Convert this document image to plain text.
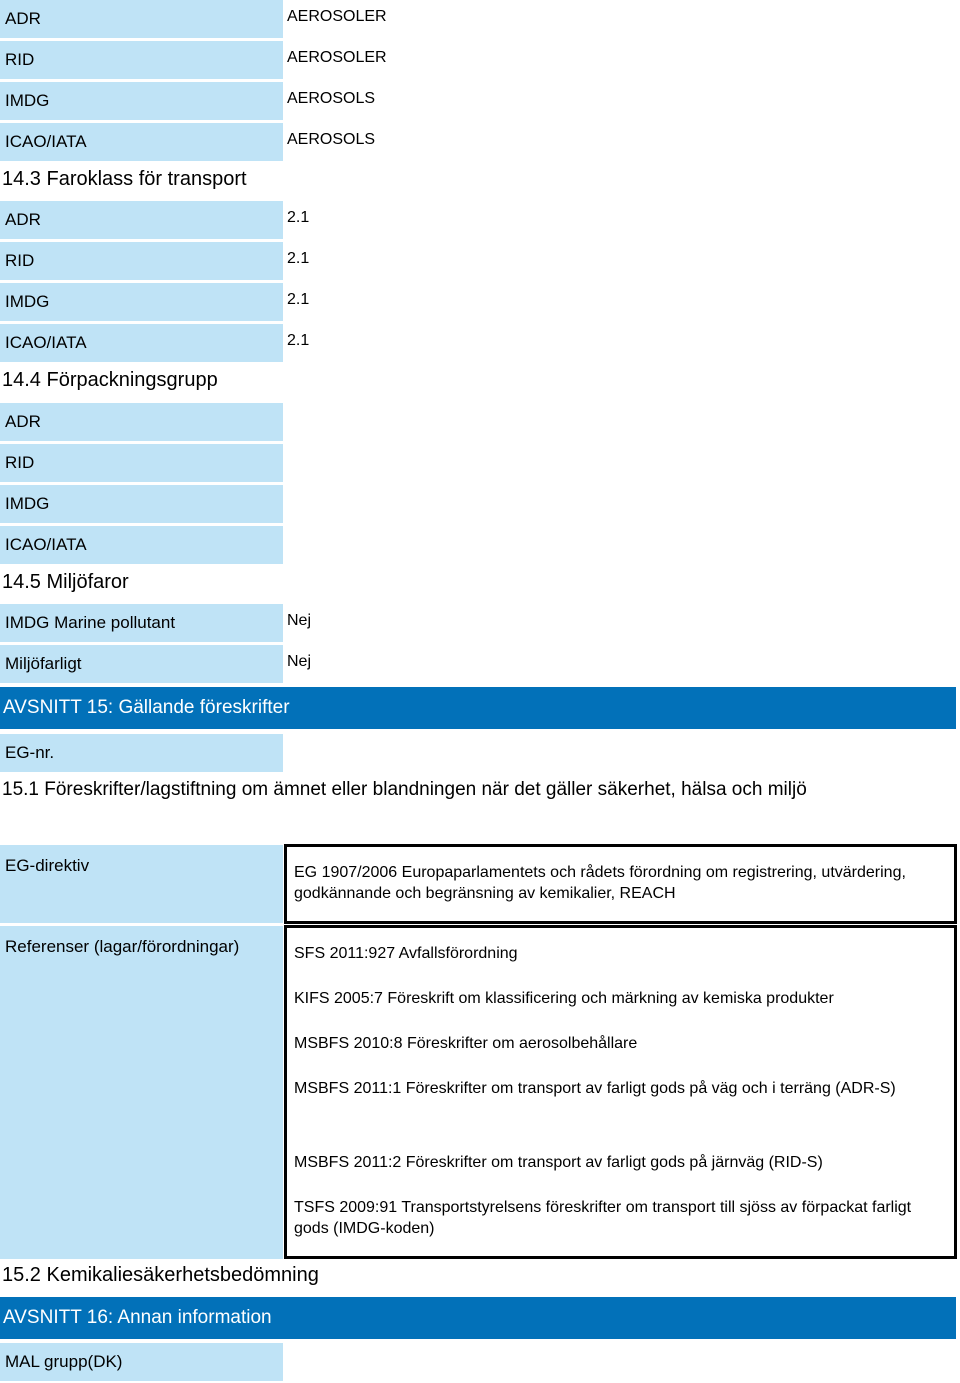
ADR	AEROSOLER
RID	AEROSOLER
IMDG	AEROSOLS
ICAO/IATA	AEROSOLS
14.3 Faroklass för transport
ADR	2.1
RID	2.1
IMDG	2.1
ICAO/IATA	2.1
14.4 Förpackningsgrupp
ADR
RID
IMDG
ICAO/IATA
14.5 Miljöfaror
IMDG Marine pollutant	Nej
Miljöfarligt	Nej
AVSNITT 15: Gällande föreskrifter
EG-nr.
15.1 Föreskrifter/lagstiftning om ämnet eller blandningen när det gäller säkerhet, hälsa och miljö
EG-direktiv	EG 1907/2006 Europaparlamentets och rådets förordning om registrering, utvärdering, godkännande och begränsning av kemikalier, REACH
Referenser (lagar/förordningar)	SFS 2011:927 Avfallsförordning
KIFS 2005:7 Föreskrift om klassificering och märkning av kemiska produkter
MSBFS 2010:8 Föreskrifter om aerosolbehållare
MSBFS 2011:1 Föreskrifter om transport av farligt gods på väg och i terräng (ADR-S)
MSBFS 2011:2 Föreskrifter om transport av farligt gods på järnväg (RID-S)
TSFS 2009:91 Transportstyrelsens föreskrifter om transport till sjöss av förpackat farligt gods (IMDG-koden)
15.2 Kemikaliesäkerhetsbedömning
AVSNITT 16: Annan information
MAL grupp(DK)
